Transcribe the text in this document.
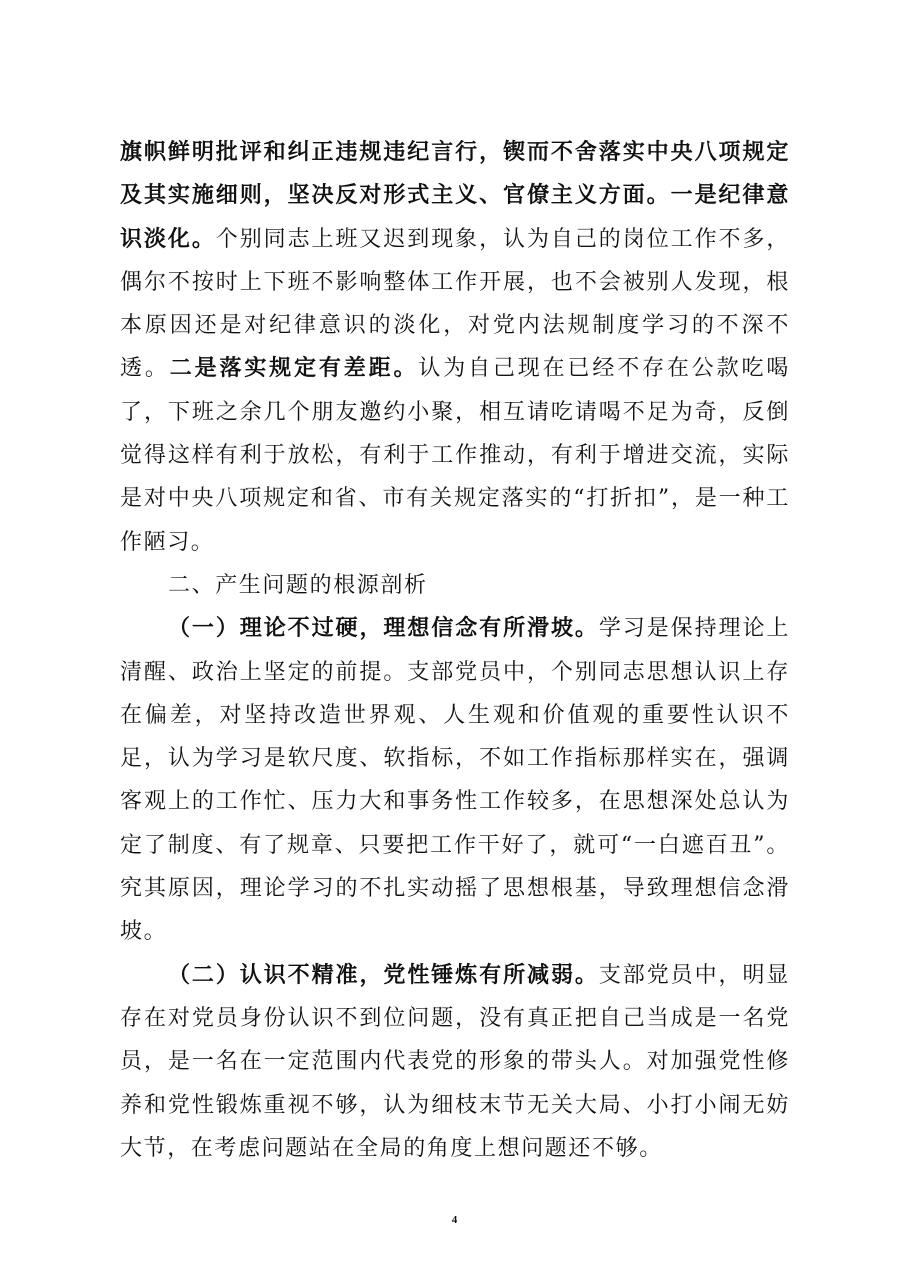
旗帜鲜明批评和纠正违规违纪言行，锲而不舍落实中央八项规定及其实施细则，坚决反对形式主义、官僚主义方面。一是纪律意识淡化。个别同志上班又迟到现象，认为自己的岗位工作不多，偶尔不按时上下班不影响整体工作开展，也不会被别人发现，根本原因还是对纪律意识的淡化，对党内法规制度学习的不深不透。二是落实规定有差距。认为自己现在已经不存在公款吃喝了，下班之余几个朋友邀约小聚，相互请吃请喝不足为奇，反倒觉得这样有利于放松，有利于工作推动，有利于增进交流，实际是对中央八项规定和省、市有关规定落实的“打折扣”，是一种工作陋习。

二、产生问题的根源剖析

（一）理论不过硬，理想信念有所滑坡。学习是保持理论上清醒、政治上坚定的前提。支部党员中，个别同志思想认识上存在偏差，对坚持改造世界观、人生观和价值观的重要性认识不足，认为学习是软尺度、软指标，不如工作指标那样实在，强调客观上的工作忙、压力大和事务性工作较多，在思想深处总认为定了制度、有了规章、只要把工作干好了，就可“一白遮百丑”。究其原因，理论学习的不扎实动摇了思想根基，导致理想信念滑坡。

（二）认识不精准，党性锤炼有所减弱。支部党员中，明显存在对党员身份认识不到位问题，没有真正把自己当成是一名党员，是一名在一定范围内代表党的形象的带头人。对加强党性修养和党性锻炼重视不够，认为细枝末节无关大局、小打小闹无妨大节，在考虑问题站在全局的角度上想问题还不够。

4
